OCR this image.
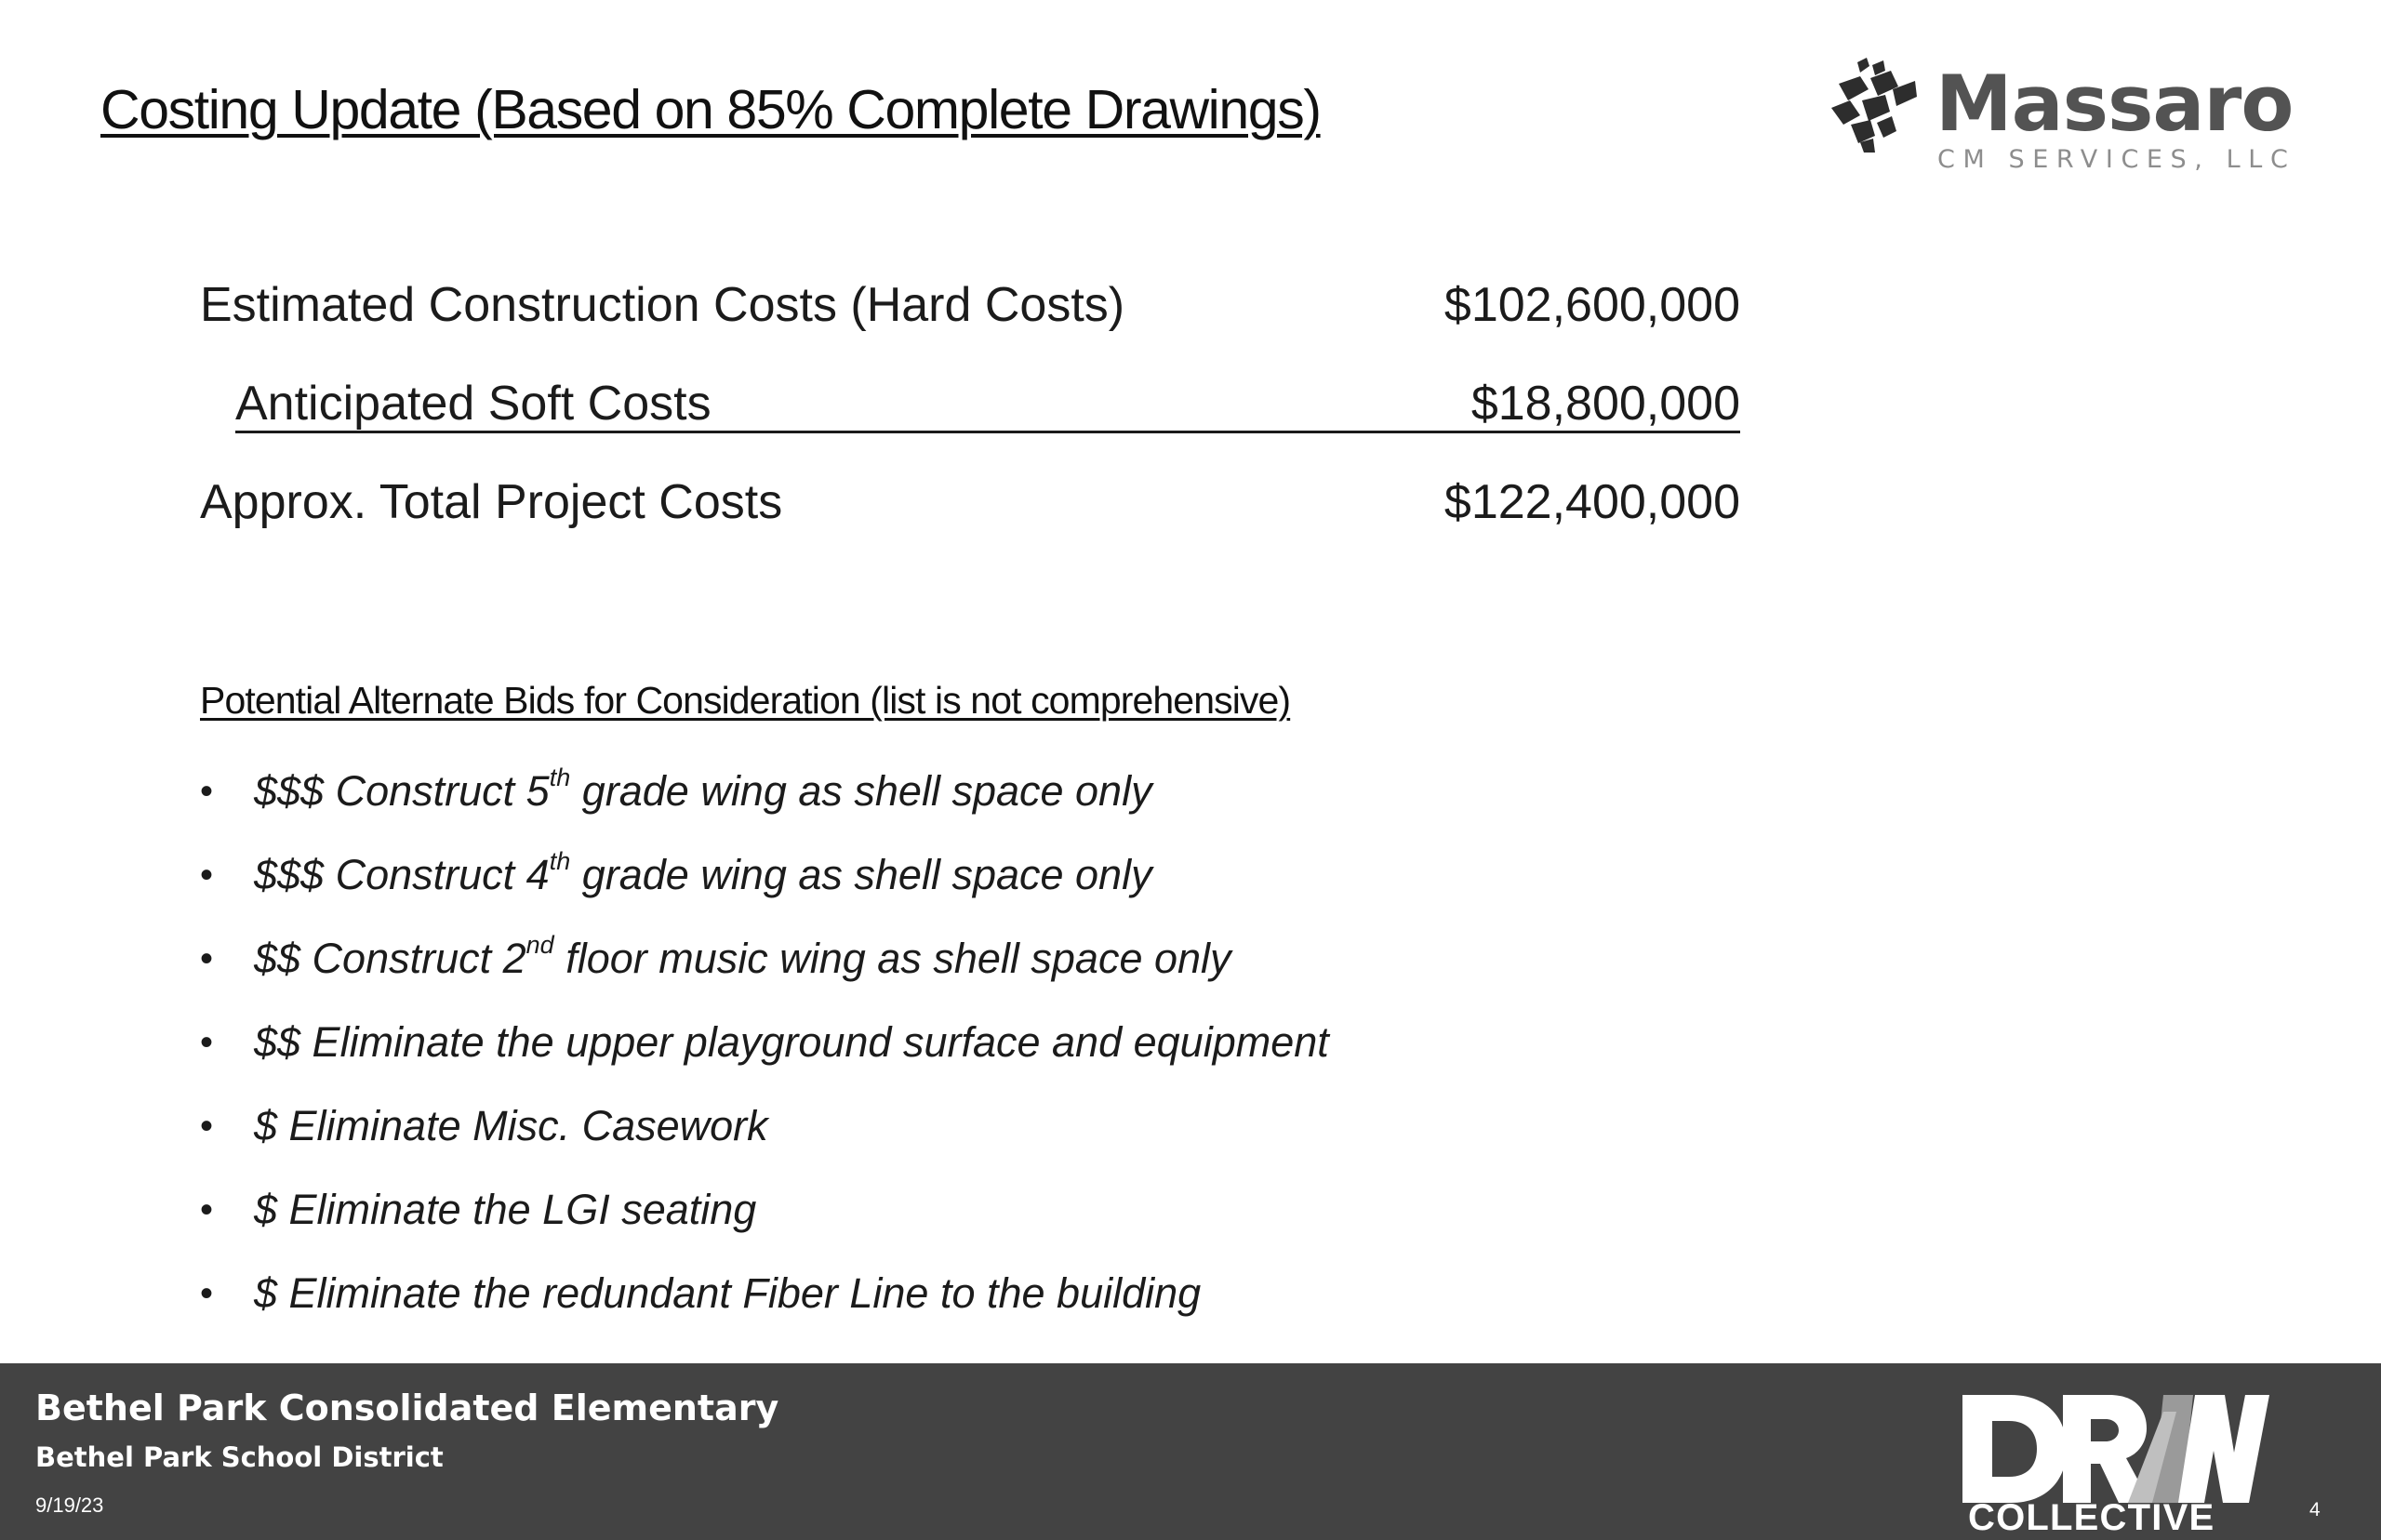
Costing Update (Based on 85% Complete Drawings)	Massaro
CM SERVICES, LLC
Estimated Construction Costs (Hard Costs)	$102,600,000
Anticipated Soft Costs	$18,800,000
Approx. Total Project Costs	$122,400,000
Potential Alternate Bids for Consideration (list is not comprehensive)
• $$$ Construct 5th grade wing as shell space only
• $$$ Construct 4th grade wing as shell space only
• $$ Construct 2nd floor music wing as shell space only
• $$ Eliminate the upper playground surface and equipment
• $ Eliminate Misc. Casework
• $ Eliminate the LGI seating
• $ Eliminate the redundant Fiber Line to the building
Bethel Park Consolidated Elementary
Bethel Park School District
9/19/23	COLLECTIVE	4
